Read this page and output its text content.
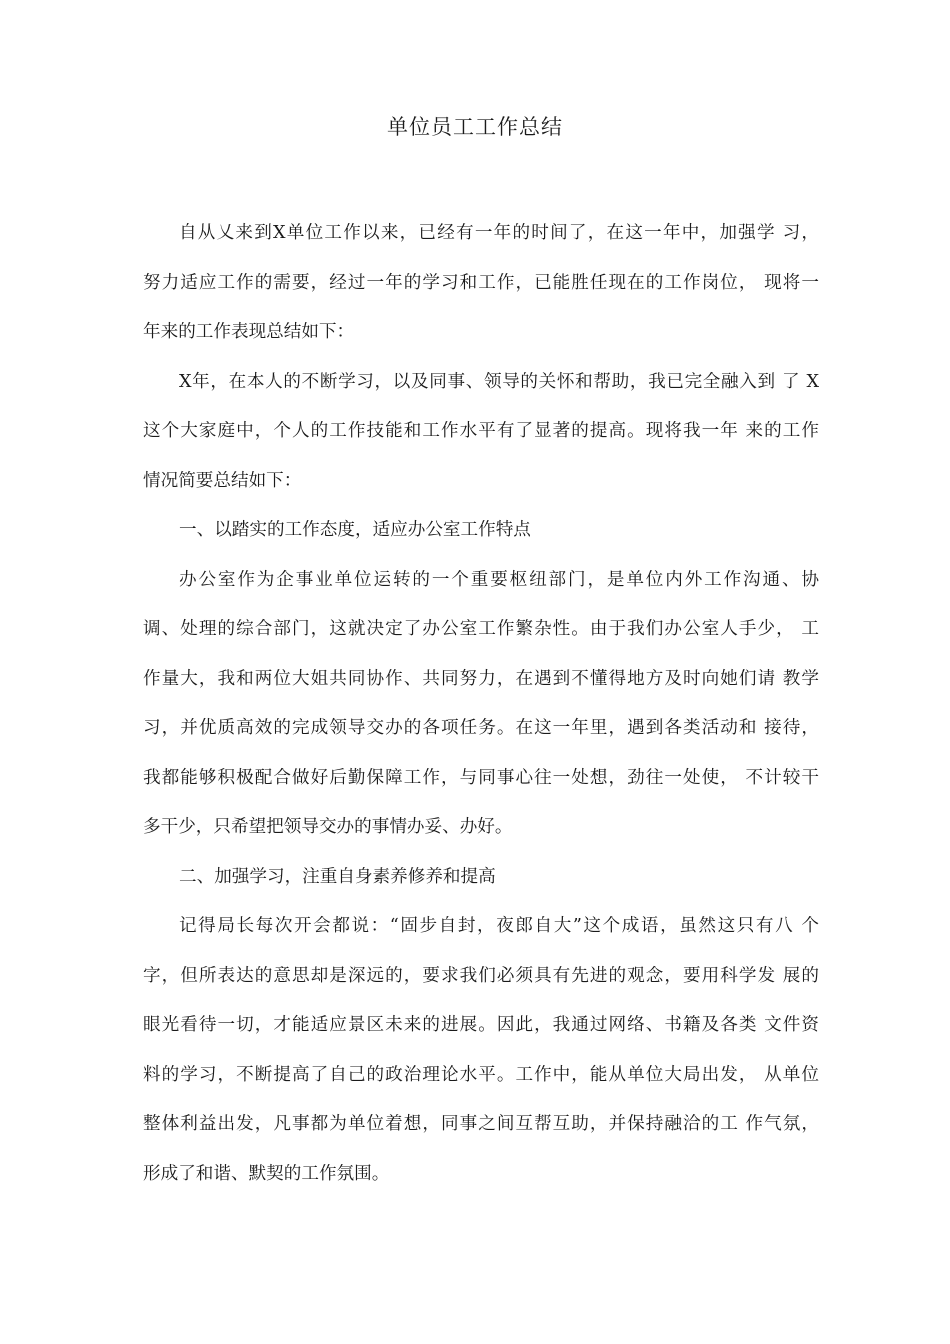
单位员工工作总结

自从乂来到X单位工作以来，已经有一年的时间了，在这一年中，加强学 习，
努力适应工作的需要，经过一年的学习和工作，已能胜任现在的工作岗位， 现将一
年来的工作表现总结如下：

X年，在本人的不断学习，以及同事、领导的关怀和帮助，我已完全融入到 了 X
这个大家庭中，个人的工作技能和工作水平有了显著的提高。现将我一年 来的工作
情况简要总结如下：

一、以踏实的工作态度，适应办公室工作特点

办公室作为企事业单位运转的一个重要枢纽部门，是单位内外工作沟通、协
调、处理的综合部门，这就决定了办公室工作繁杂性。由于我们办公室人手少， 工
作量大，我和两位大姐共同协作、共同努力，在遇到不懂得地方及时向她们请 教学
习，并优质高效的完成领导交办的各项任务。在这一年里，遇到各类活动和 接待，
我都能够积极配合做好后勤保障工作，与同事心往一处想，劲往一处使， 不计较干
多干少，只希望把领导交办的事情办妥、办好。

二、加强学习，注重自身素养修养和提高

记得局长每次开会都说：“固步自封，夜郎自大”这个成语，虽然这只有八 个
字，但所表达的意思却是深远的，要求我们必须具有先进的观念，要用科学发 展的
眼光看待一切，才能适应景区未来的进展。因此，我通过网络、书籍及各类 文件资
料的学习，不断提高了自己的政治理论水平。工作中，能从单位大局出发， 从单位
整体利益出发，凡事都为单位着想，同事之间互帮互助，并保持融洽的工 作气氛，
形成了和谐、默契的工作氛围。
